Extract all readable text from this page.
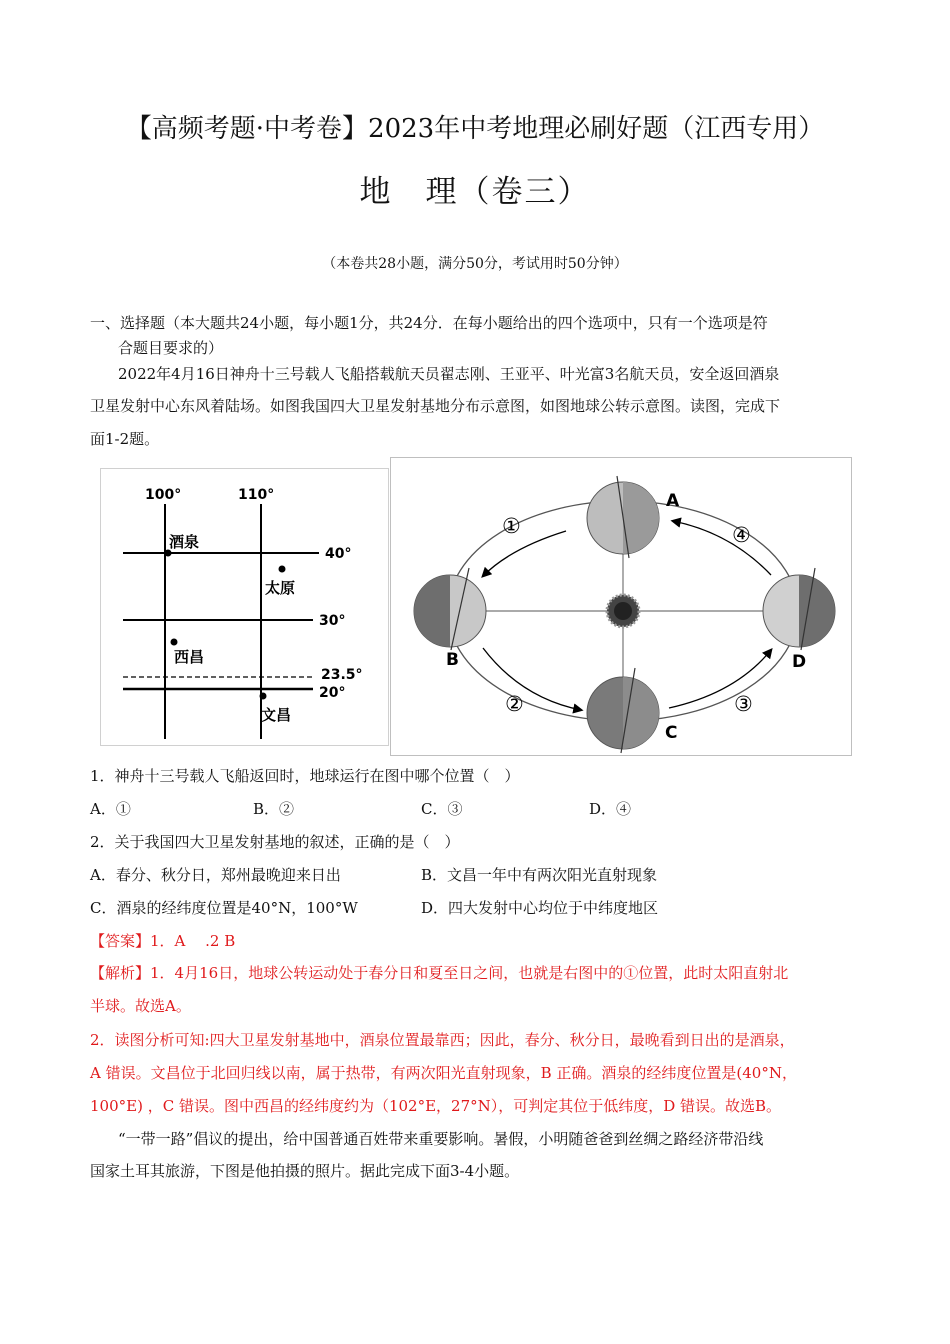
【高频考题·中考卷】2023年中考地理必刷好题（江西专用）
地　理（卷三）
（本卷共28小题，满分50分，考试用时50分钟）
一、选择题（本大题共24小题，每小题1分，共24分．在每小题给出的四个选项中，只有一个选项是符
合题目要求的）
2022年4月16日神舟十三号载人飞船搭载航天员翟志刚、王亚平、叶光富3名航天员，安全返回酒泉
卫星发射中心东风着陆场。如图我国四大卫星发射基地分布示意图，如图地球公转示意图。读图，完成下
面1-2题。
100°	110°
40°
30°
23.5°
20°
酒泉
太原
西昌
文昌
A
B
C
D
①
②	③
④
1．神舟十三号载人飞船返回时，地球运行在图中哪个位置（　）
A．①	B．②	C．③	D．④
2．关于我国四大卫星发射基地的叙述，正确的是（　）
A．春分、秋分日，郑州最晚迎来日出	B．文昌一年中有两次阳光直射现象
C．酒泉的经纬度位置是40°N，100°W	D．四大发射中心均位于中纬度地区
【答案】1．A　 .2 B
【解析】1．4月16日，地球公转运动处于春分日和夏至日之间，也就是右图中的①位置，此时太阳直射北
半球。故选A。
2．读图分析可知:四大卫星发射基地中，酒泉位置最靠西；因此，春分、秋分日，最晚看到日出的是酒泉，
A 错误。文昌位于北回归线以南，属于热带，有两次阳光直射现象，B 正确。酒泉的经纬度位置是(40°N，
100°E) ，C 错误。图中西昌的经纬度约为（102°E，27°N），可判定其位于低纬度，D 错误。故选B。
“一带一路”倡议的提出，给中国普通百姓带来重要影响。暑假，小明随爸爸到丝绸之路经济带沿线
国家土耳其旅游，下图是他拍摄的照片。据此完成下面3-4小题。
